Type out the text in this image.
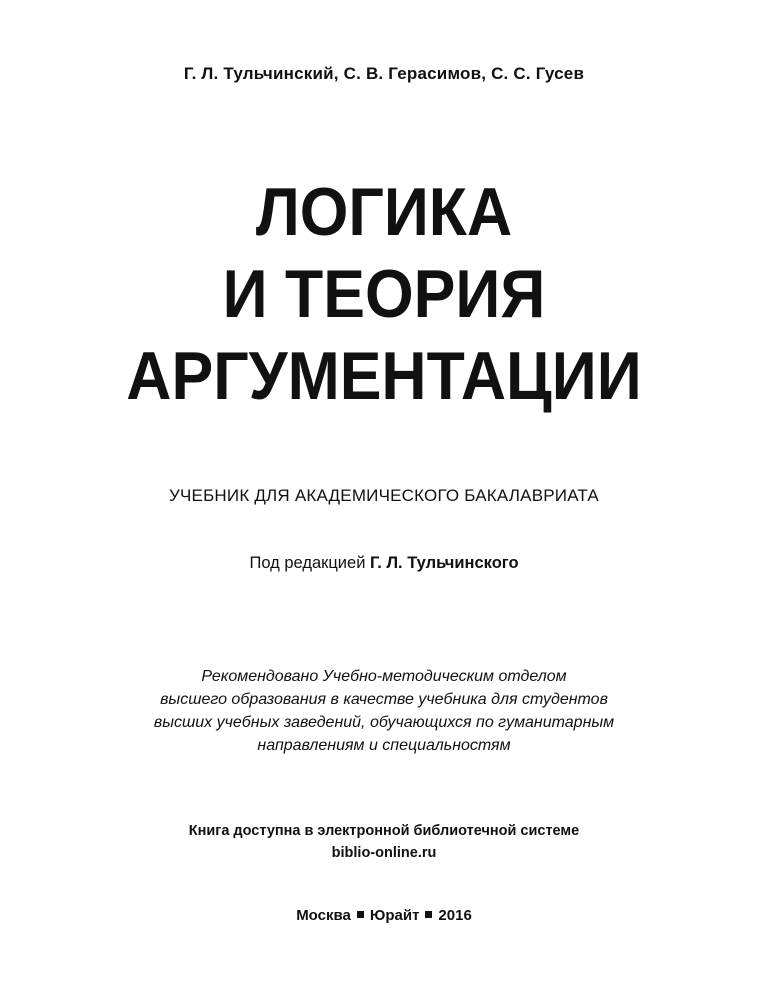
Г. Л. Тульчинский, С. В. Герасимов, С. С. Гусев
ЛОГИКА
И ТЕОРИЯ
АРГУМЕНТАЦИИ
УЧЕБНИК ДЛЯ АКАДЕМИЧЕСКОГО БАКАЛАВРИАТА
Под редакцией Г. Л. Тульчинского
Рекомендовано Учебно-методическим отделом
высшего образования в качестве учебника для студентов
высших учебных заведений, обучающихся по гуманитарным
направлениям и специальностям
Книга доступна в электронной библиотечной системе
biblio-online.ru
Москва Юрайт 2016
